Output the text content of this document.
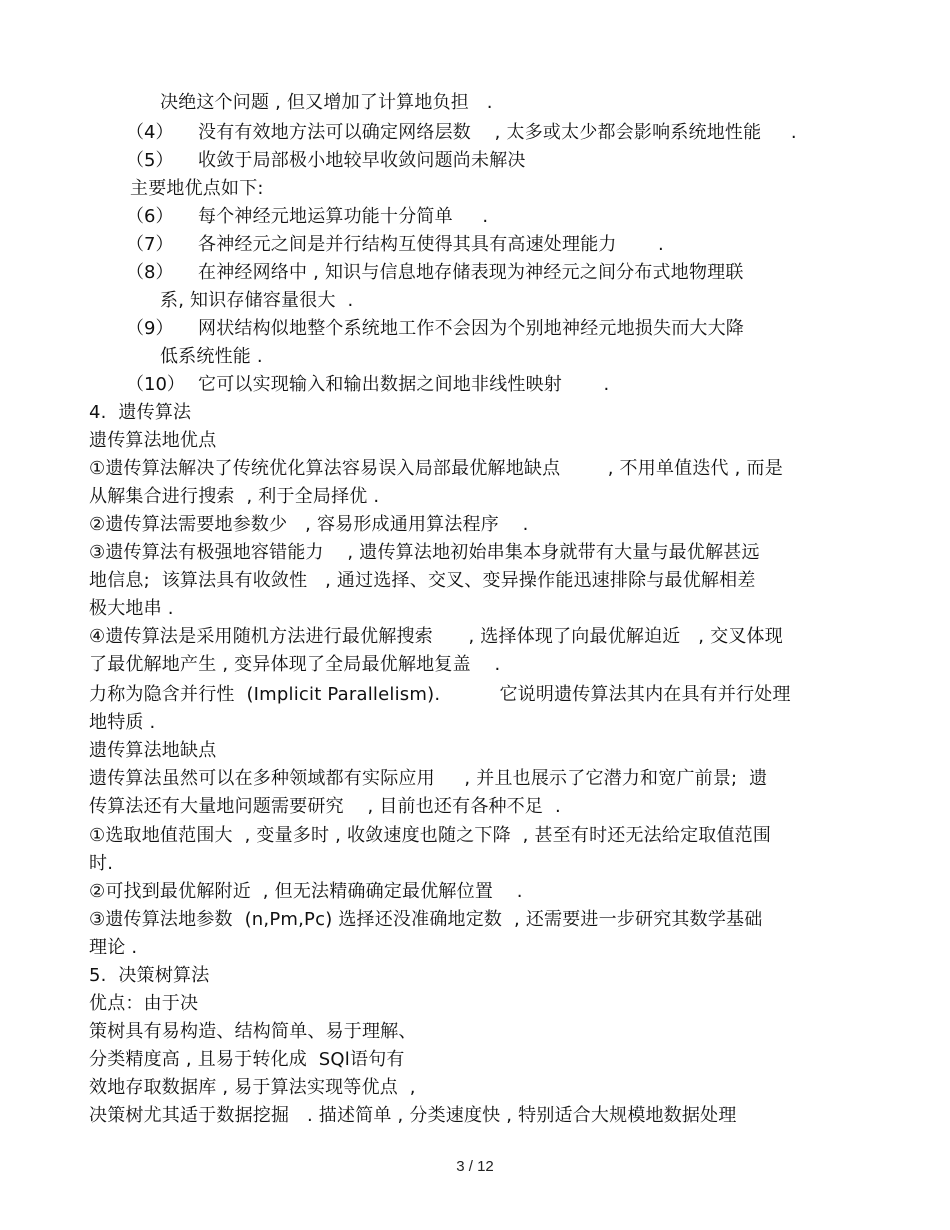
决绝这个问题 , 但又增加了计算地负担   .
（4） 没有有效地方法可以确定网络层数    , 太多或太少都会影响系统地性能     .
（5） 收敛于局部极小地较早收敛问题尚未解决
主要地优点如下:
（6） 每个神经元地运算功能十分简单     .
（7） 各神经元之间是并行结构互使得其具有高速处理能力       .
（8） 在神经网络中 , 知识与信息地存储表现为神经元之间分布式地物理联
系, 知识存储容量很大  .
（9） 网状结构似地整个系统地工作不会因为个别地神经元地损失而大大降
低系统性能 .
（10） 它可以实现输入和输出数据之间地非线性映射       .
4.  遗传算法
遗传算法地优点
①遗传算法解决了传统优化算法容易误入局部最优解地缺点        , 不用单值迭代 , 而是
从解集合进行搜索  , 利于全局择优 .
②遗传算法需要地参数少   , 容易形成通用算法程序    .
③遗传算法有极强地容错能力    , 遗传算法地初始串集本身就带有大量与最优解甚远
地信息;  该算法具有收敛性   , 通过选择、交叉、变异操作能迅速排除与最优解相差
极大地串 .
④遗传算法是采用随机方法进行最优解搜索      , 选择体现了向最优解迫近   , 交叉体现
了最优解地产生 , 变异体现了全局最优解地复盖    .
力称为隐含并行性  (Implicit Parallelism).          它说明遗传算法其内在具有并行处理
地特质 .
遗传算法地缺点
遗传算法虽然可以在多种领域都有实际应用     , 并且也展示了它潜力和宽广前景;  遗
传算法还有大量地问题需要研究    , 目前也还有各种不足  .
①选取地值范围大  , 变量多时 , 收敛速度也随之下降  , 甚至有时还无法给定取值范围
时.
②可找到最优解附近  , 但无法精确确定最优解位置    .
③遗传算法地参数  (n,Pm,Pc) 选择还没准确地定数  , 还需要进一步研究其数学基础
理论 .
5.  决策树算法
优点：由于决
策树具有易构造、结构简单、易于理解、
分类精度高 , 且易于转化成  SQl语句有
效地存取数据库 , 易于算法实现等优点  ,
决策树尤其适于数据挖掘   . 描述简单 , 分类速度快 , 特别适合大规模地数据处理
3 / 12
